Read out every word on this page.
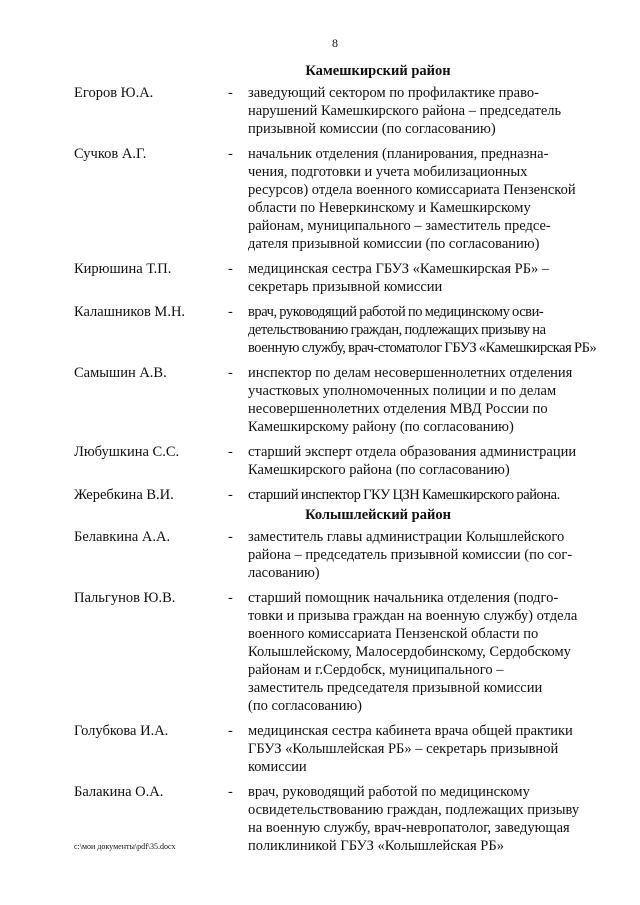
8
Камешкирский район
Егоров Ю.А.	-	заведующий сектором по профилактике право-
нарушений Камешкирского района – председатель
призывной комиссии (по согласованию)
Сучков А.Г.	-	начальник отделения (планирования, предназна-
чения, подготовки и учета мобилизационных
ресурсов) отдела военного комиссариата Пензенской
области по Неверкинскому и Камешкирскому
районам, муниципального – заместитель предсе-
дателя призывной комиссии (по согласованию)
Кирюшина Т.П.	-	медицинская сестра ГБУЗ «Камешкирская РБ» –
секретарь призывной комиссии
Калашников М.Н.	-	врач, руководящий работой по медицинскому осви-
детельствованию граждан, подлежащих призыву на
военную службу, врач-стоматолог ГБУЗ «Камешкирская РБ»
Самышин А.В.	-	инспектор по делам несовершеннолетних отделения
участковых уполномоченных полиции и по делам
несовершеннолетних отделения МВД России по
Камешкирскому району (по согласованию)
Любушкина С.С.	-	старший эксперт отдела образования администрации
Камешкирского района (по согласованию)
Жеребкина В.И.	-	старший инспектор ГКУ ЦЗН Камешкирского района.
Колышлейский район
Белавкина А.А.	-	заместитель главы администрации Колышлейского
района – председатель призывной комиссии (по сог-
ласованию)
Пальгунов Ю.В.	-	старший помощник начальника отделения (подго-
товки и призыва граждан на военную службу) отдела
военного комиссариата Пензенской области по
Колышлейскому, Малосердобинскому, Сердобскому
районам и г.Сердобск, муниципального –
заместитель председателя призывной комиссии
(по согласованию)
Голубкова И.А.	-	медицинская сестра кабинета врача общей практики
ГБУЗ «Колышлейская РБ» – секретарь призывной
комиссии
Балакина О.А.	-	врач, руководящий работой по медицинскому
освидетельствованию граждан, подлежащих призыву
на военную службу, врач-невропатолог, заведующая
поликлиникой ГБУЗ «Колышлейская РБ»
c:\мои документы\pdf\35.docx
